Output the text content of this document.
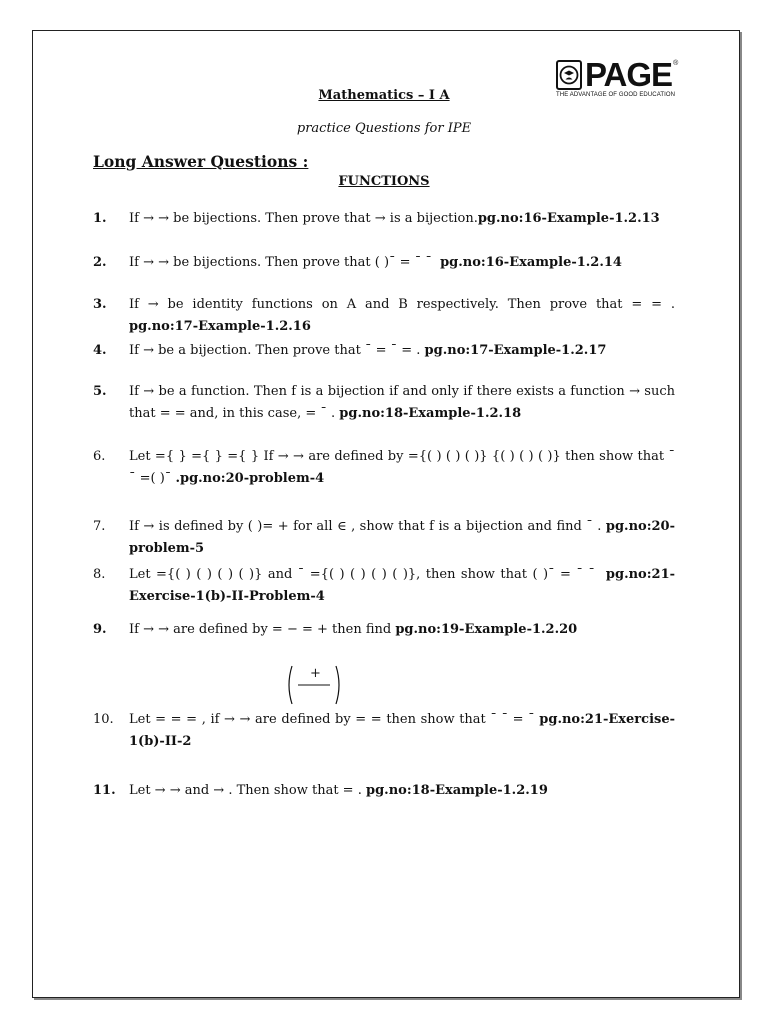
PAGE ®
THE ADVANTAGE OF GOOD EDUCATION
Mathematics – I A
practice Questions for IPE
Long Answer Questions :
FUNCTIONS
1.	If → → be bijections. Then prove that → is a bijection.pg.no:16-Example-1.2.13
2.	If → → be bijections. Then prove that ( )ˉ = ˉ ˉ pg.no:16-Example-1.2.14
3.	If → be identity functions on A and B respectively. Then prove that = = . pg.no:17-Example-1.2.16
4.	If → be a bijection. Then prove that ˉ = ˉ = . pg.no:17-Example-1.2.17
5.	If → be a function. Then f is a bijection if and only if there exists a function → such that = = and, in this case, = ˉ . pg.no:18-Example-1.2.18
6.	Let ={ } ={ } ={ } If → → are defined by ={( ) ( ) ( )} {( ) ( ) ( )} then show that ˉ ˉ =( )ˉ .pg.no:20-problem-4
7.	If → is defined by ( )= + for all ∈ , show that f is a bijection and find ˉ . pg.no:20-problem-5
8.	Let ={( ) ( ) ( ) ( )} and ˉ ={( ) ( ) ( ) ( )}, then show that ( )ˉ = ˉ ˉ pg.no:21-Exercise-1(b)-II-Problem-4
9.	If → → are defined by = − = + then find pg.no:19-Example-1.2.20
+
10.	Let = = = , if → → are defined by = = then show that ˉ ˉ = ˉ pg.no:21-Exercise-1(b)-II-2
11.	Let → → and → . Then show that = . pg.no:18-Example-1.2.19
